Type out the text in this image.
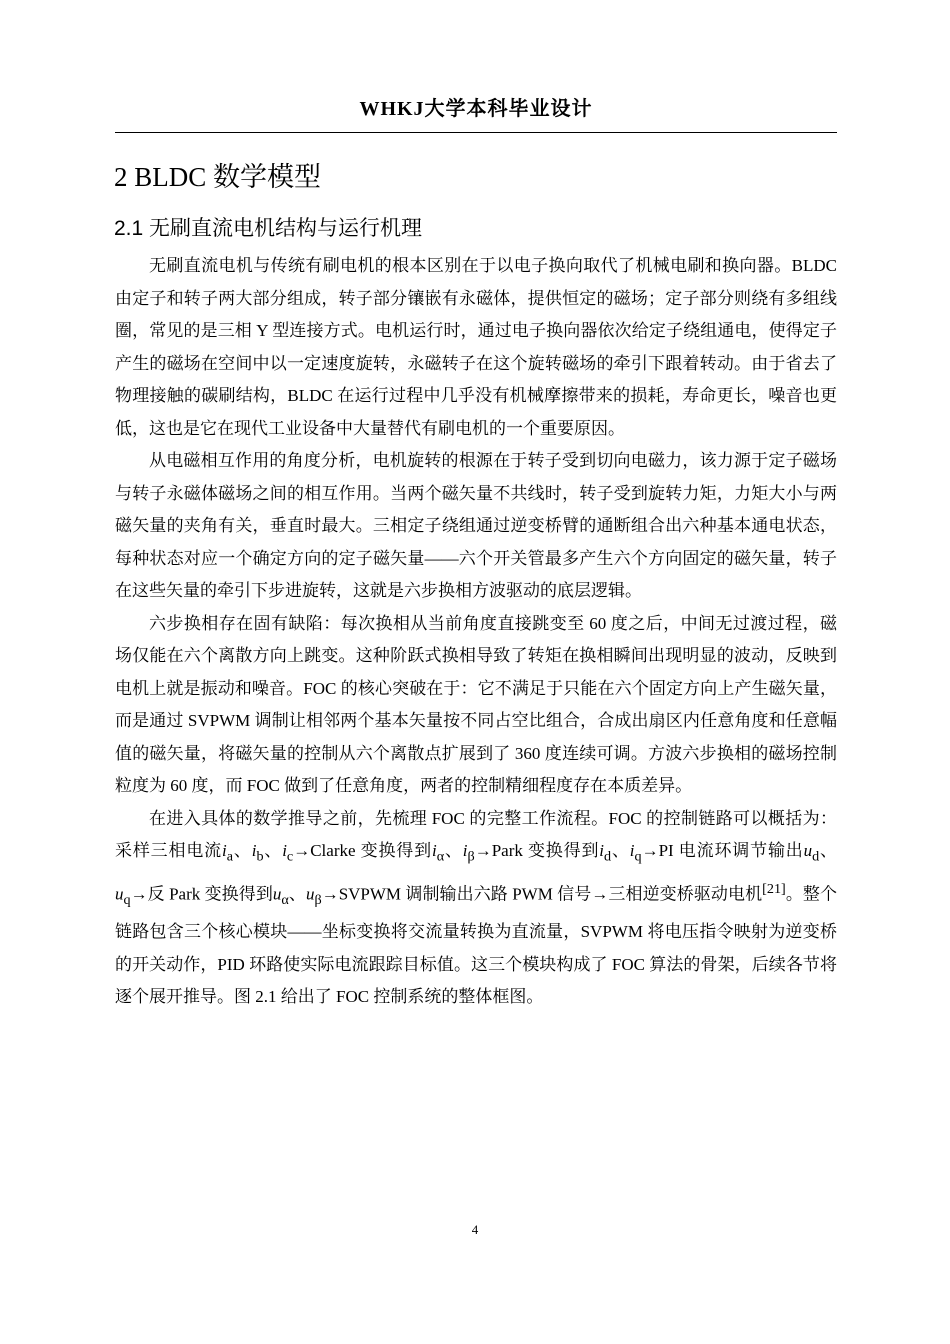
WHKJ大学本科毕业设计
2 BLDC 数学模型
2.1 无刷直流电机结构与运行机理

无刷直流电机与传统有刷电机的根本区别在于以电子换向取代了机械电刷和换向器。BLDC 由定子和转子两大部分组成，转子部分镶嵌有永磁体，提供恒定的磁场；定子部分则绕有多组线圈，常见的是三相 Y 型连接方式。电机运行时，通过电子换向器依次给定子绕组通电，使得定子产生的磁场在空间中以一定速度旋转，永磁转子在这个旋转磁场的牵引下跟着转动。由于省去了物理接触的碳刷结构，BLDC 在运行过程中几乎没有机械摩擦带来的损耗，寿命更长，噪音也更低，这也是它在现代工业设备中大量替代有刷电机的一个重要原因。

从电磁相互作用的角度分析，电机旋转的根源在于转子受到切向电磁力，该力源于定子磁场与转子永磁体磁场之间的相互作用。当两个磁矢量不共线时，转子受到旋转力矩，力矩大小与两磁矢量的夹角有关，垂直时最大。三相定子绕组通过逆变桥臂的通断组合出六种基本通电状态，每种状态对应一个确定方向的定子磁矢量——六个开关管最多产生六个方向固定的磁矢量，转子在这些矢量的牵引下步进旋转，这就是六步换相方波驱动的底层逻辑。

六步换相存在固有缺陷：每次换相从当前角度直接跳变至 60 度之后，中间无过渡过程，磁场仅能在六个离散方向上跳变。这种阶跃式换相导致了转矩在换相瞬间出现明显的波动，反映到电机上就是振动和噪音。FOC 的核心突破在于：它不满足于只能在六个固定方向上产生磁矢量，而是通过 SVPWM 调制让相邻两个基本矢量按不同占空比组合，合成出扇区内任意角度和任意幅值的磁矢量，将磁矢量的控制从六个离散点扩展到了 360 度连续可调。方波六步换相的磁场控制粒度为 60 度，而 FOC 做到了任意角度，两者的控制精细程度存在本质差异。

在进入具体的数学推导之前，先梳理 FOC 的完整工作流程。FOC 的控制链路可以概括为：采样三相电流$i_a$、$i_b$、$i_c\to Clarke$ 变换得到$i_\alpha$、$i_\beta\to Park$ 变换得到$i_d$、$i_q\to PI$ 电流环调节输出$u_d$、$u_q\to$反 Park 变换得到$u_\alpha$、$u_\beta\to SVPWM$ 调制输出六路 PWM 信号→三相逆变桥驱动电机[21]。整个链路包含三个核心模块——坐标变换将交流量转换为直流量，SVPWM 将电压指令映射为逆变桥的开关动作，PID 环路使实际电流跟踪目标值。这三个模块构成了 FOC 算法的骨架，后续各节将逐个展开推导。图 2.1 给出了 FOC 控制系统的整体框图。

4
